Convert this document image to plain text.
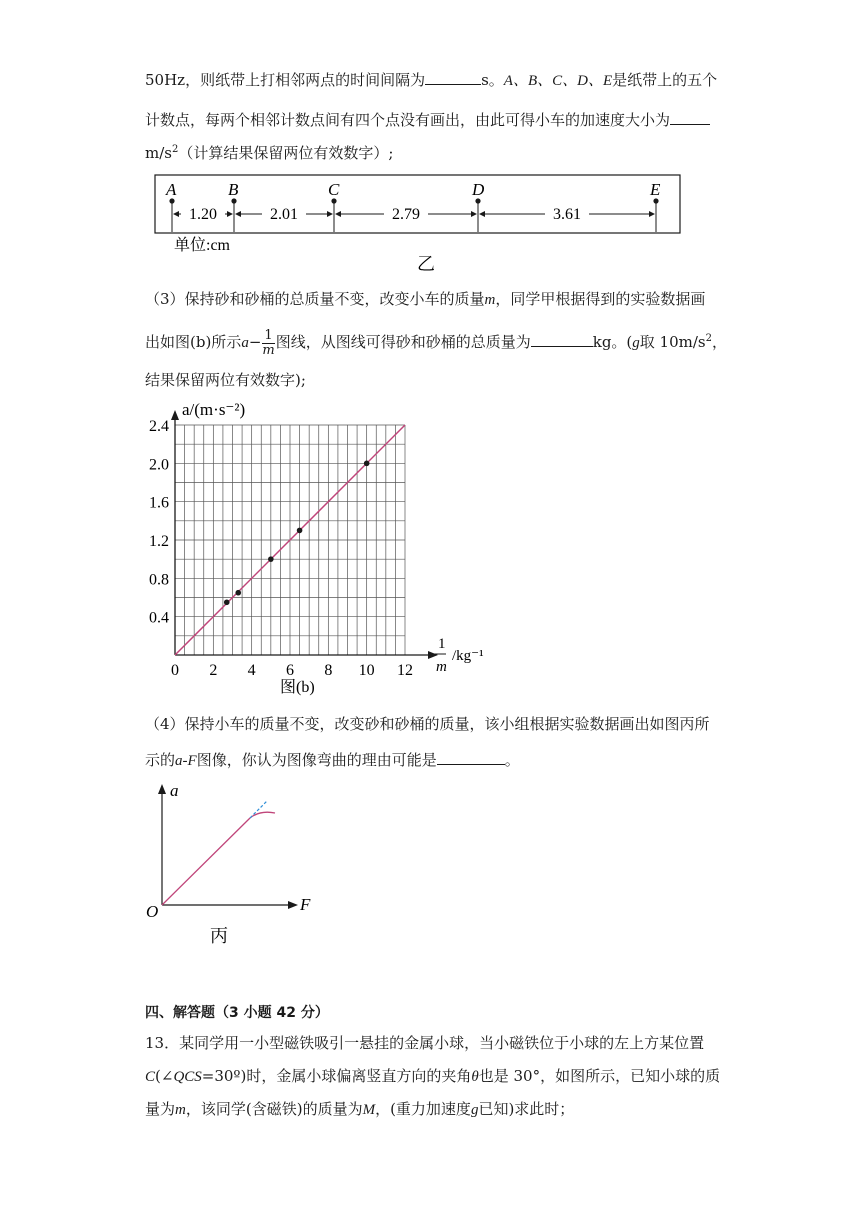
50Hz，则纸带上打相邻两点的时间间隔为	s。A、B、C、D、E是纸带上的五个
计数点，每两个相邻计数点间有四个点没有画出，由此可得小车的加速度大小为
$m/s^2$（计算结果保留两位有效数字）;
A	B	C	D	E
1.20	2.01	2.79	3.61
单位:cm
乙
（3）保持砂和砂桶的总质量不变，改变小车的质量m，同学甲根据得到的实验数据画
出如图(b)所示$a- \frac{1}{m}$ 图线，从图线可得砂和砂桶的总质量为	kg。(g取 $10m/s^2$，
结果保留两位有效数字);
0 2 4 6 8 10 12
0.4
0.8
1.2
1.6
2.0
2.4
a/(m·s⁻²)
1
m
/kg⁻¹
图(b)
（4）保持小车的质量不变，改变砂和砂桶的质量，该小组根据实验数据画出如图丙所
示的a-F图像，你认为图像弯曲的理由可能是	。
a
F
O
丙
四、解答题（3 小题 42 分）
13．某同学用一小型磁铁吸引一悬挂的金属小球，当小磁铁位于小球的左上方某位置
C(∠QCS=30º)时，金属小球偏离竖直方向的夹角θ也是 30°，如图所示，已知小球的质
量为m，该同学(含磁铁)的质量为M，(重力加速度g已知)求此时；
